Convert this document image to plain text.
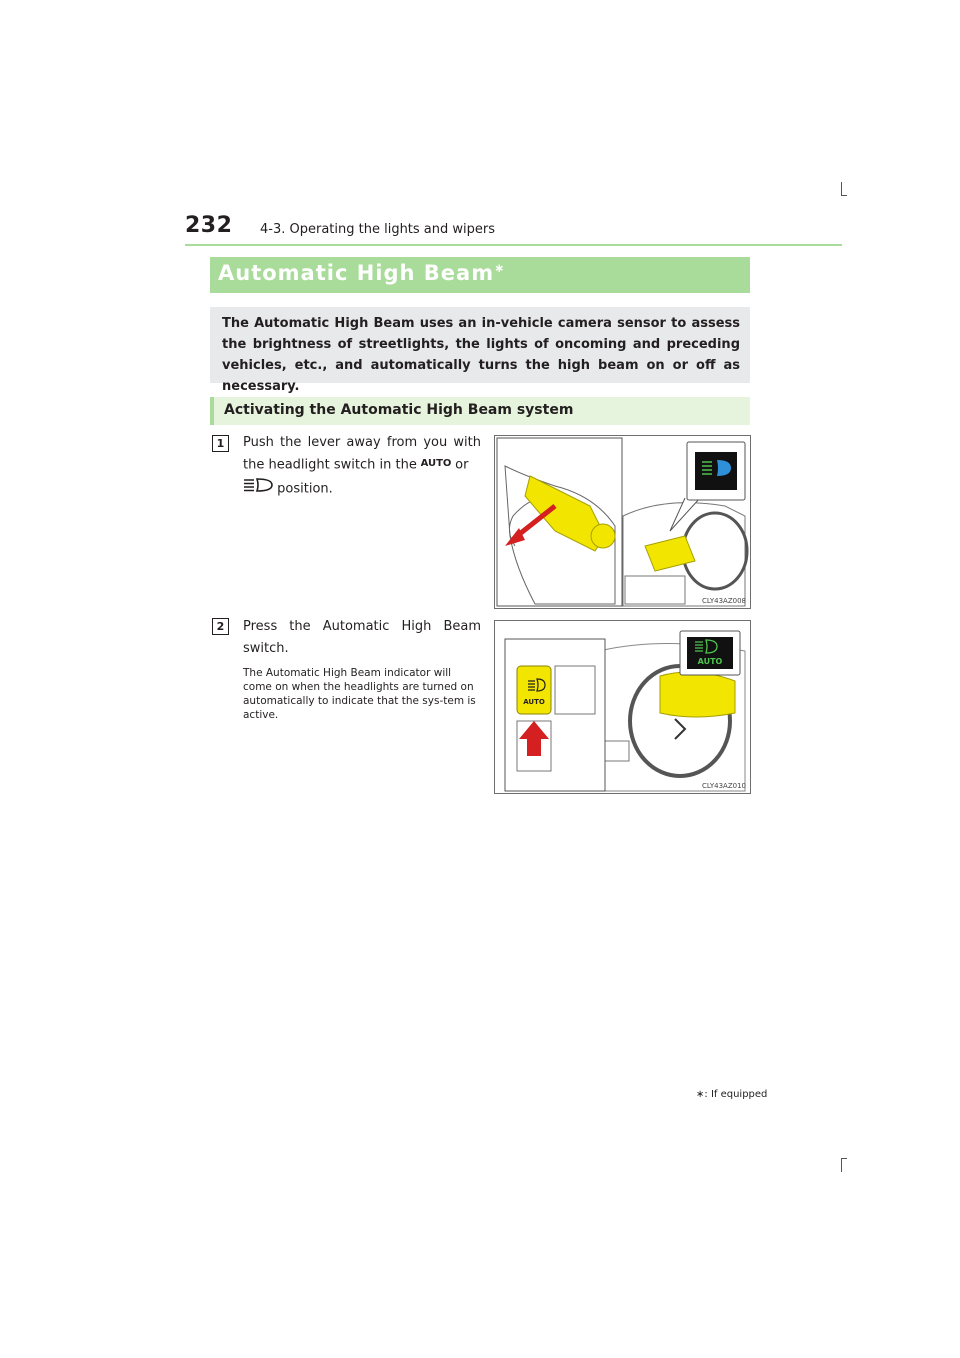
232 4-3. Operating the lights and wipers
Automatic High Beam∗
The Automatic High Beam uses an in-vehicle camera sensor to assess the brightness of streetlights, the lights of oncoming and preceding vehicles, etc., and automatically turns the high beam on or off as necessary.
Activating the Automatic High Beam system
1	Push the lever away from you with the headlight switch in the AUTO or
position.
CLY43AZ008
2	Press the Automatic High Beam switch.
The Automatic High Beam indicator will come on when the headlights are turned on automatically to indicate that the sys-tem is active.
AUTO
AUTO
CLY43AZ010
∗: If equipped
